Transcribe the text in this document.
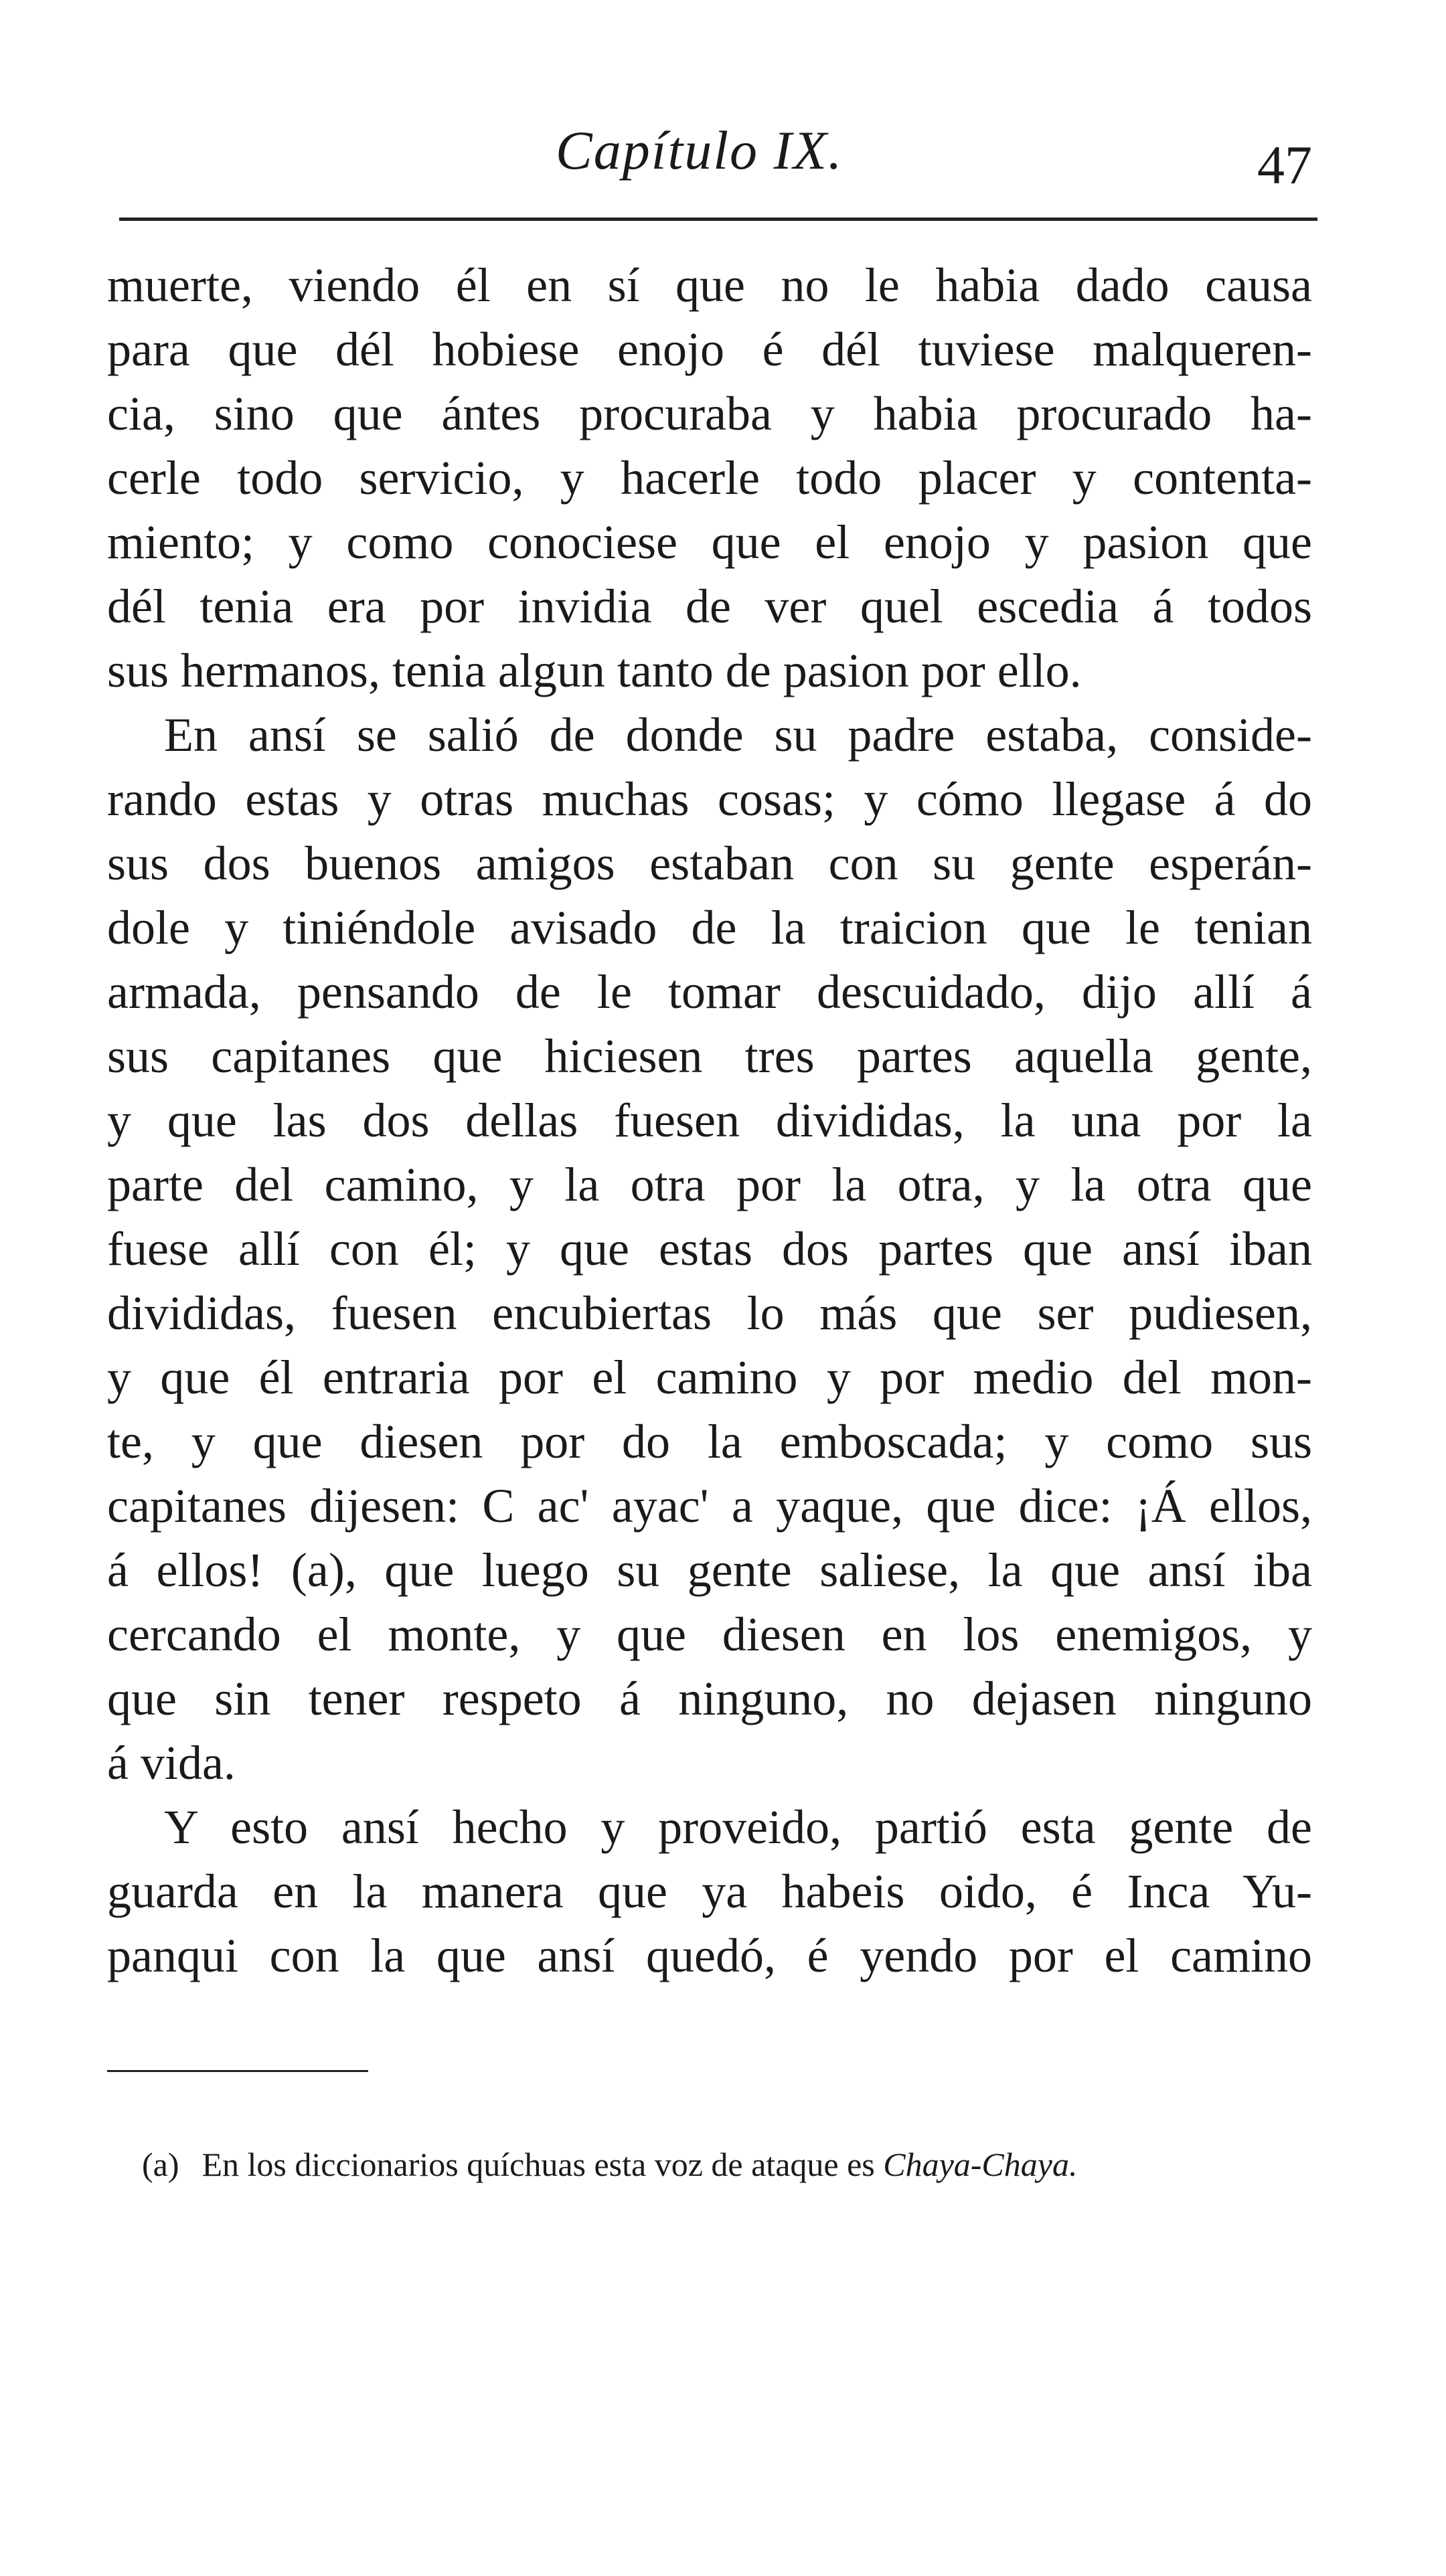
Capítulo IX.	47
muerte, viendo él en sí que no le habia dado causa
para que dél hobiese enojo é dél tuviese malqueren-
cia, sino que ántes procuraba y habia procurado ha-
cerle todo servicio, y hacerle todo placer y contenta-
miento; y como conociese que el enojo y pasion que
dél tenia era por invidia de ver quel escedia á todos
sus hermanos, tenia algun tanto de pasion por ello.
En ansí se salió de donde su padre estaba, conside-
rando estas y otras muchas cosas; y cómo llegase á do
sus dos buenos amigos estaban con su gente esperán-
dole y tiniéndole avisado de la traicion que le tenian
armada, pensando de le tomar descuidado, dijo allí á
sus capitanes que hiciesen tres partes aquella gente,
y que las dos dellas fuesen divididas, la una por la
parte del camino, y la otra por la otra, y la otra que
fuese allí con él; y que estas dos partes que ansí iban
divididas, fuesen encubiertas lo más que ser pudiesen,
y que él entraria por el camino y por medio del mon-
te, y que diesen por do la emboscada; y como sus
capitanes dijesen: C ac' ayac' a yaque, que dice: ¡Á ellos,
á ellos! (a), que luego su gente saliese, la que ansí iba
cercando el monte, y que diesen en los enemigos, y
que sin tener respeto á ninguno, no dejasen ninguno
á vida.
Y esto ansí hecho y proveido, partió esta gente de
guarda en la manera que ya habeis oido, é Inca Yu-
panqui con la que ansí quedó, é yendo por el camino
(a) En los diccionarios quíchuas esta voz de ataque es Chaya-Chaya.
